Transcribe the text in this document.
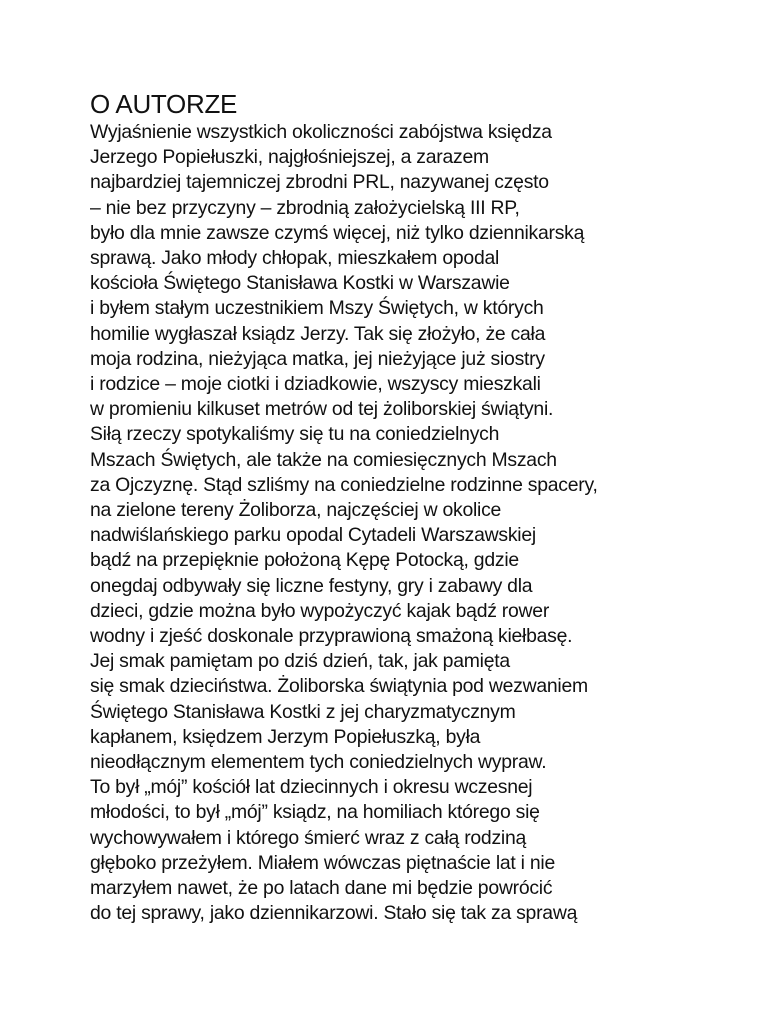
O AUTORZE

Wyjaśnienie wszystkich okoliczności zabójstwa księdza
Jerzego Popiełuszki, najgłośniejszej, a zarazem
najbardziej tajemniczej zbrodni PRL, nazywanej często
– nie bez przyczyny – zbrodnią założycielską III RP,
było dla mnie zawsze czymś więcej, niż tylko dziennikarską
sprawą. Jako młody chłopak, mieszkałem opodal
kościoła Świętego Stanisława Kostki w Warszawie
i byłem stałym uczestnikiem Mszy Świętych, w których
homilie wygłaszał ksiądz Jerzy. Tak się złożyło, że cała
moja rodzina, nieżyjąca matka, jej nieżyjące już siostry
i rodzice – moje ciotki i dziadkowie, wszyscy mieszkali
w promieniu kilkuset metrów od tej żoliborskiej świątyni.
Siłą rzeczy spotykaliśmy się tu na coniedzielnych
Mszach Świętych, ale także na comiesięcznych Mszach
za Ojczyznę. Stąd szliśmy na coniedzielne rodzinne spacery,
na zielone tereny Żoliborza, najczęściej w okolice
nadwiślańskiego parku opodal Cytadeli Warszawskiej
bądź na przepięknie położoną Kępę Potocką, gdzie
onegdaj odbywały się liczne festyny, gry i zabawy dla
dzieci, gdzie można było wypożyczyć kajak bądź rower
wodny i zjeść doskonale przyprawioną smażoną kiełbasę.
Jej smak pamiętam po dziś dzień, tak, jak pamięta
się smak dzieciństwa. Żoliborska świątynia pod wezwaniem
Świętego Stanisława Kostki z jej charyzmatycznym
kapłanem, księdzem Jerzym Popiełuszką, była
nieodłącznym elementem tych coniedzielnych wypraw.
To był „mój” kościół lat dziecinnych i okresu wczesnej
młodości, to był „mój” ksiądz, na homiliach którego się
wychowywałem i którego śmierć wraz z całą rodziną
głęboko przeżyłem. Miałem wówczas piętnaście lat i nie
marzyłem nawet, że po latach dane mi będzie powrócić
do tej sprawy, jako dziennikarzowi. Stało się tak za sprawą
